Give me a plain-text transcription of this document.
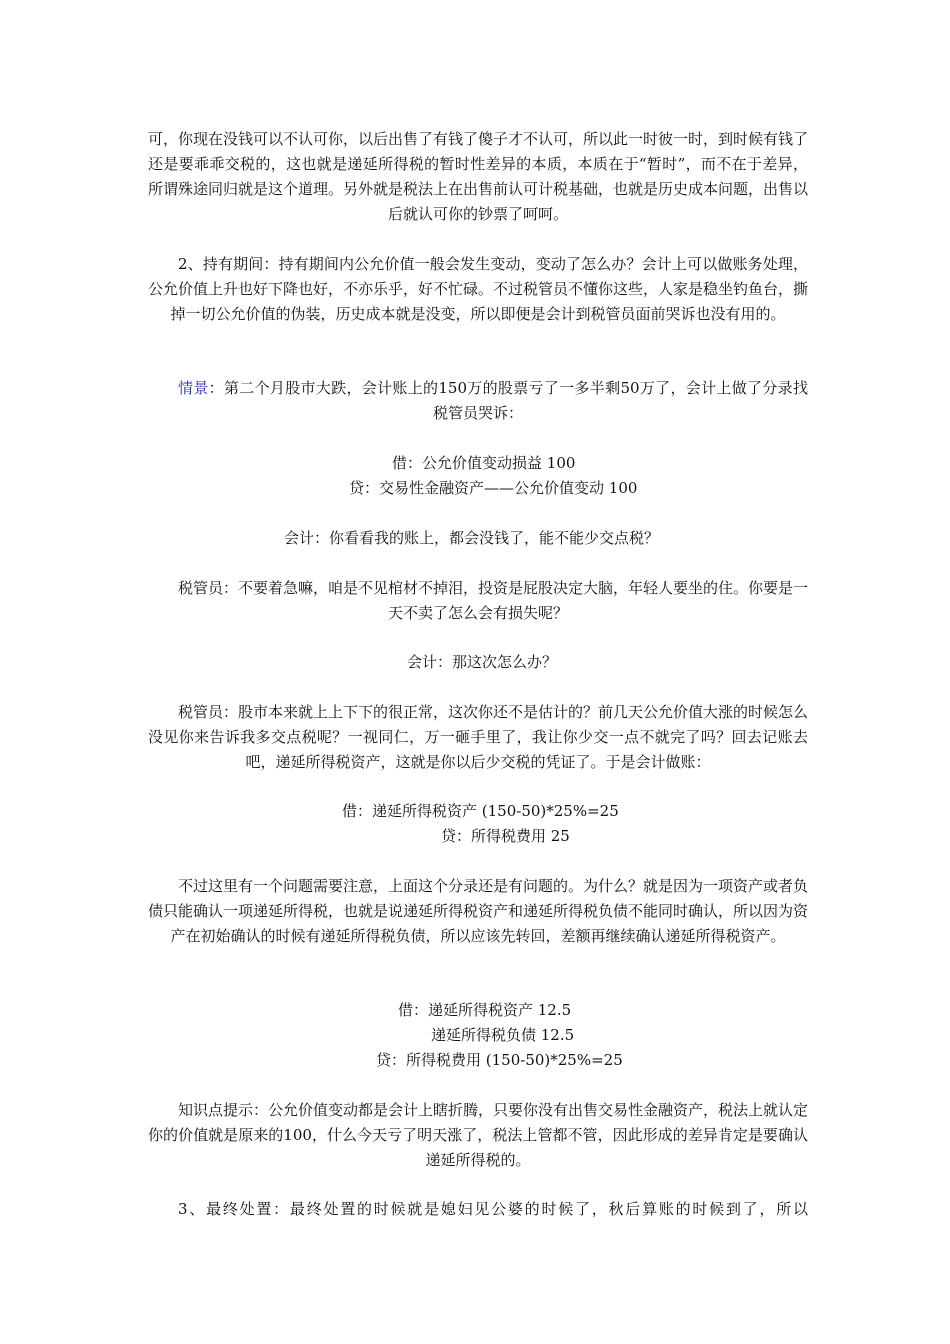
可，你现在没钱可以不认可你，以后出售了有钱了傻子才不认可，所以此一时彼一时，到时候有钱了还是要乖乖交税的，这也就是递延所得税的暂时性差异的本质，本质在于“暂时”，而不在于差异，所谓殊途同归就是这个道理。另外就是税法上在出售前认可计税基础，也就是历史成本问题，出售以后就认可你的钞票了呵呵。
2、持有期间：持有期间内公允价值一般会发生变动，变动了怎么办？会计上可以做账务处理，公允价值上升也好下降也好，不亦乐乎，好不忙碌。不过税管员不懂你这些，人家是稳坐钓鱼台，撕掉一切公允价值的伪装，历史成本就是没变，所以即便是会计到税管员面前哭诉也没有用的。
情景：第二个月股市大跌，会计账上的150万的股票亏了一多半剩50万了，会计上做了分录找税管员哭诉：
借：公允价值变动损益 100
贷：交易性金融资产——公允价值变动 100
会计：你看看我的账上，都会没钱了，能不能少交点税？
税管员：不要着急嘛，咱是不见棺材不掉泪，投资是屁股决定大脑，年轻人要坐的住。你要是一天不卖了怎么会有损失呢？
会计：那这次怎么办？
税管员：股市本来就上上下下的很正常，这次你还不是估计的？前几天公允价值大涨的时候怎么没见你来告诉我多交点税呢？一视同仁，万一砸手里了，我让你少交一点不就完了吗？回去记账去吧，递延所得税资产，这就是你以后少交税的凭证了。于是会计做账：
借：递延所得税资产 (150-50)*25%=25
贷：所得税费用 25
不过这里有一个问题需要注意，上面这个分录还是有问题的。为什么？就是因为一项资产或者负债只能确认一项递延所得税，也就是说递延所得税资产和递延所得税负债不能同时确认，所以因为资产在初始确认的时候有递延所得税负债，所以应该先转回，差额再继续确认递延所得税资产。
借：递延所得税资产 12.5
递延所得税负债 12.5
贷：所得税费用 (150-50)*25%=25
知识点提示：公允价值变动都是会计上瞎折腾，只要你没有出售交易性金融资产，税法上就认定你的价值就是原来的100，什么今天亏了明天涨了，税法上管都不管，因此形成的差异肯定是要确认递延所得税的。
3、最终处置：最终处置的时候就是媳妇见公婆的时候了，秋后算账的时候到了，所以
